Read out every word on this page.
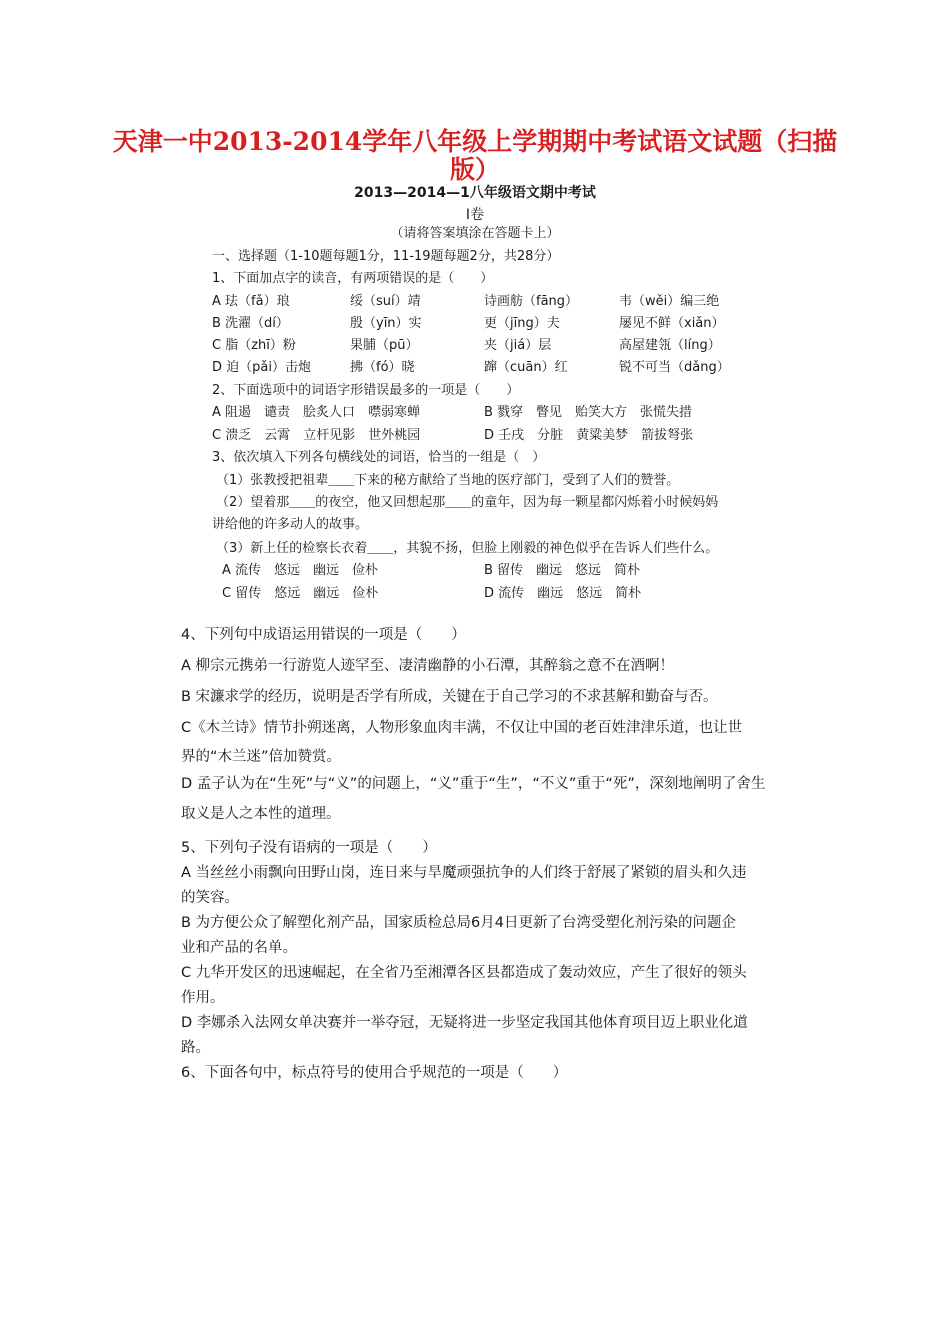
天津一中2013-2014学年八年级上学期期中考试语文试题（扫描
版）
2013—2014—1八年级语文期中考试
Ⅰ卷
（请将答案填涂在答题卡上）
一、选择题（1-10题每题1分，11-19题每题2分，共28分）
1、下面加点字的读音，有两项错误的是（　　）
A 珐（fǎ）琅	绥（suí）靖	诗画舫（fāng）	韦（wěi）编三绝
B 洗濯（dí）	殷（yīn）实	更（jīng）夫	屡见不鲜（xiǎn）
C 脂（zhī）粉	果脯（pū）	夹（jiá）层	高屋建瓴（líng）
D 迫（pǎi）击炮	拂（fó）晓	蹿（cuān）红	锐不可当（dǎng）
2、下面选项中的词语字形错误最多的一项是（　　）
A 阻遏　谴责　脍炙人口　噤弱寒蝉	B 戮穿　瞥见　贻笑大方　张慌失措
C 溃乏　云霄　立杆见影　世外桃园	D 壬戌　分脏　黄粱美梦　箭拔弩张
3、依次填入下列各句横线处的词语，恰当的一组是（　）
（1）张教授把祖辈＿＿下来的秘方献给了当地的医疗部门，受到了人们的赞誉。
（2）望着那＿＿的夜空，他又回想起那＿＿的童年，因为每一颗星都闪烁着小时候妈妈
讲给他的许多动人的故事。
（3）新上任的检察长衣着＿＿，其貌不扬，但脸上刚毅的神色似乎在告诉人们些什么。
A 流传　悠远　幽远　俭朴	B 留传　幽远　悠远　简朴
C 留传　悠远　幽远　俭朴	D 流传　幽远　悠远　简朴
4、下列句中成语运用错误的一项是（　　）
A 柳宗元携弟一行游览人迹罕至、凄清幽静的小石潭，其醉翁之意不在酒啊！
B 宋濂求学的经历，说明是否学有所成，关键在于自己学习的不求甚解和勤奋与否。
C《木兰诗》情节扑朔迷离，人物形象血肉丰满，不仅让中国的老百姓津津乐道，也让世
界的“木兰迷”倍加赞赏。
D 孟子认为在“生死”与“义”的问题上，“义”重于“生”，“不义”重于“死”，深刻地阐明了舍生
取义是人之本性的道理。
5、下列句子没有语病的一项是（　　）
A 当丝丝小雨飘向田野山岗，连日来与旱魔顽强抗争的人们终于舒展了紧锁的眉头和久违
的笑容。
B 为方便公众了解塑化剂产品，国家质检总局6月4日更新了台湾受塑化剂污染的问题企
业和产品的名单。
C 九华开发区的迅速崛起，在全省乃至湘潭各区县都造成了轰动效应，产生了很好的领头
作用。
D 李娜杀入法网女单决赛并一举夺冠，无疑将进一步坚定我国其他体育项目迈上职业化道
路。
6、下面各句中，标点符号的使用合乎规范的一项是（　　）
